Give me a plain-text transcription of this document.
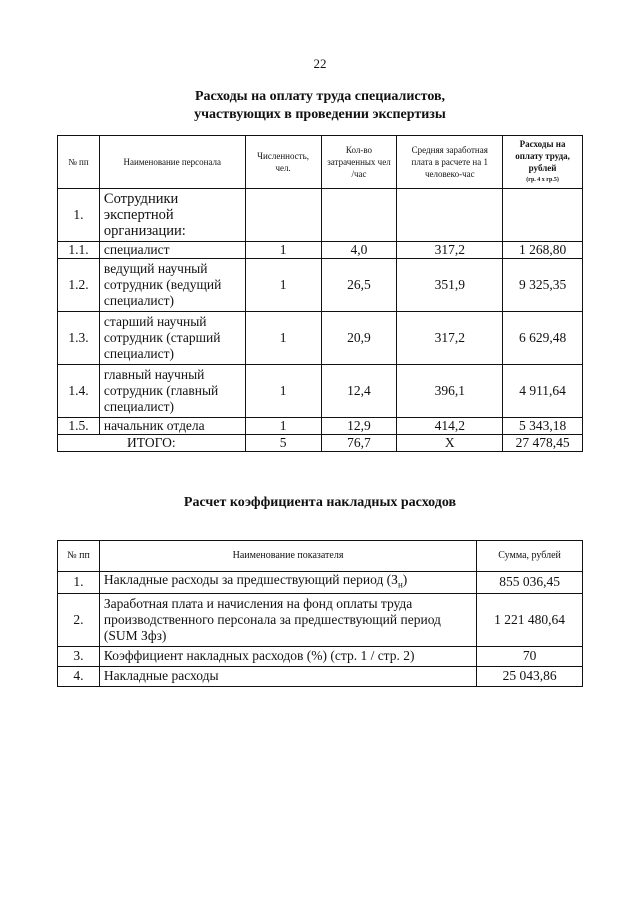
22
Расходы на оплату труда специалистов,
участвующих в проведении экспертизы
№ пп	Наименование персонала	Численность, чел.	Кол-во затраченных чел /час	Средняя заработная плата в расчете на 1 человеко-час	Расходы на оплату труда, рублей
(гр. 4 х гр.5)

1.	Сотрудники экспертной организации:				
1.1.	специалист	1	4,0	317,2	1 268,80
1.2.	ведущий научный сотрудник (ведущий специалист)	1	26,5	351,9	9 325,35
1.3.	старший научный сотрудник (старший специалист)	1	20,9	317,2	6 629,48
1.4.	главный научный сотрудник (главный специалист)	1	12,4	396,1	4 911,64
1.5.	начальник отдела	1	12,9	414,2	5 343,18
ИТОГО:		5	76,7	Х	27 478,45
Расчет коэффициента накладных расходов
№ пп	Наименование показателя	Сумма, рублей
1.	Накладные расходы за предшествующий период $(З_н)$	855 036,45
2.	Заработная плата и начисления на фонд оплаты труда производственного персонала за предшествующий период (SUM Зфз)	1 221 480,64
3.	Коэффициент накладных расходов (%) (стр. 1 / стр. 2)	70
4.	Накладные расходы	25 043,86
